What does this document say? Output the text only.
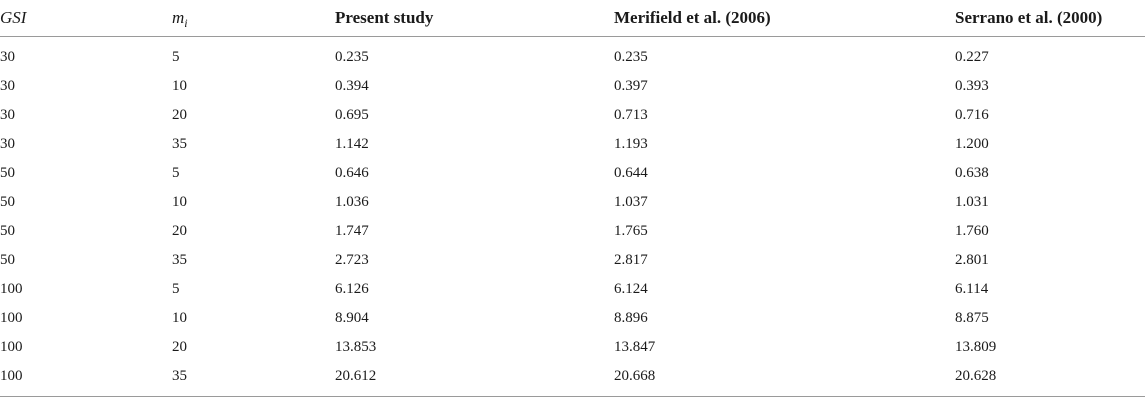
GSI	$m_i$	Present study	Merifield et al. (2006)	Serrano et al. (2000)

30	5	0.235	0.235	0.227
30	10	0.394	0.397	0.393
30	20	0.695	0.713	0.716
30	35	1.142	1.193	1.200
50	5	0.646	0.644	0.638
50	10	1.036	1.037	1.031
50	20	1.747	1.765	1.760
50	35	2.723	2.817	2.801
100	5	6.126	6.124	6.114
100	10	8.904	8.896	8.875
100	20	13.853	13.847	13.809
100	35	20.612	20.668	20.628
